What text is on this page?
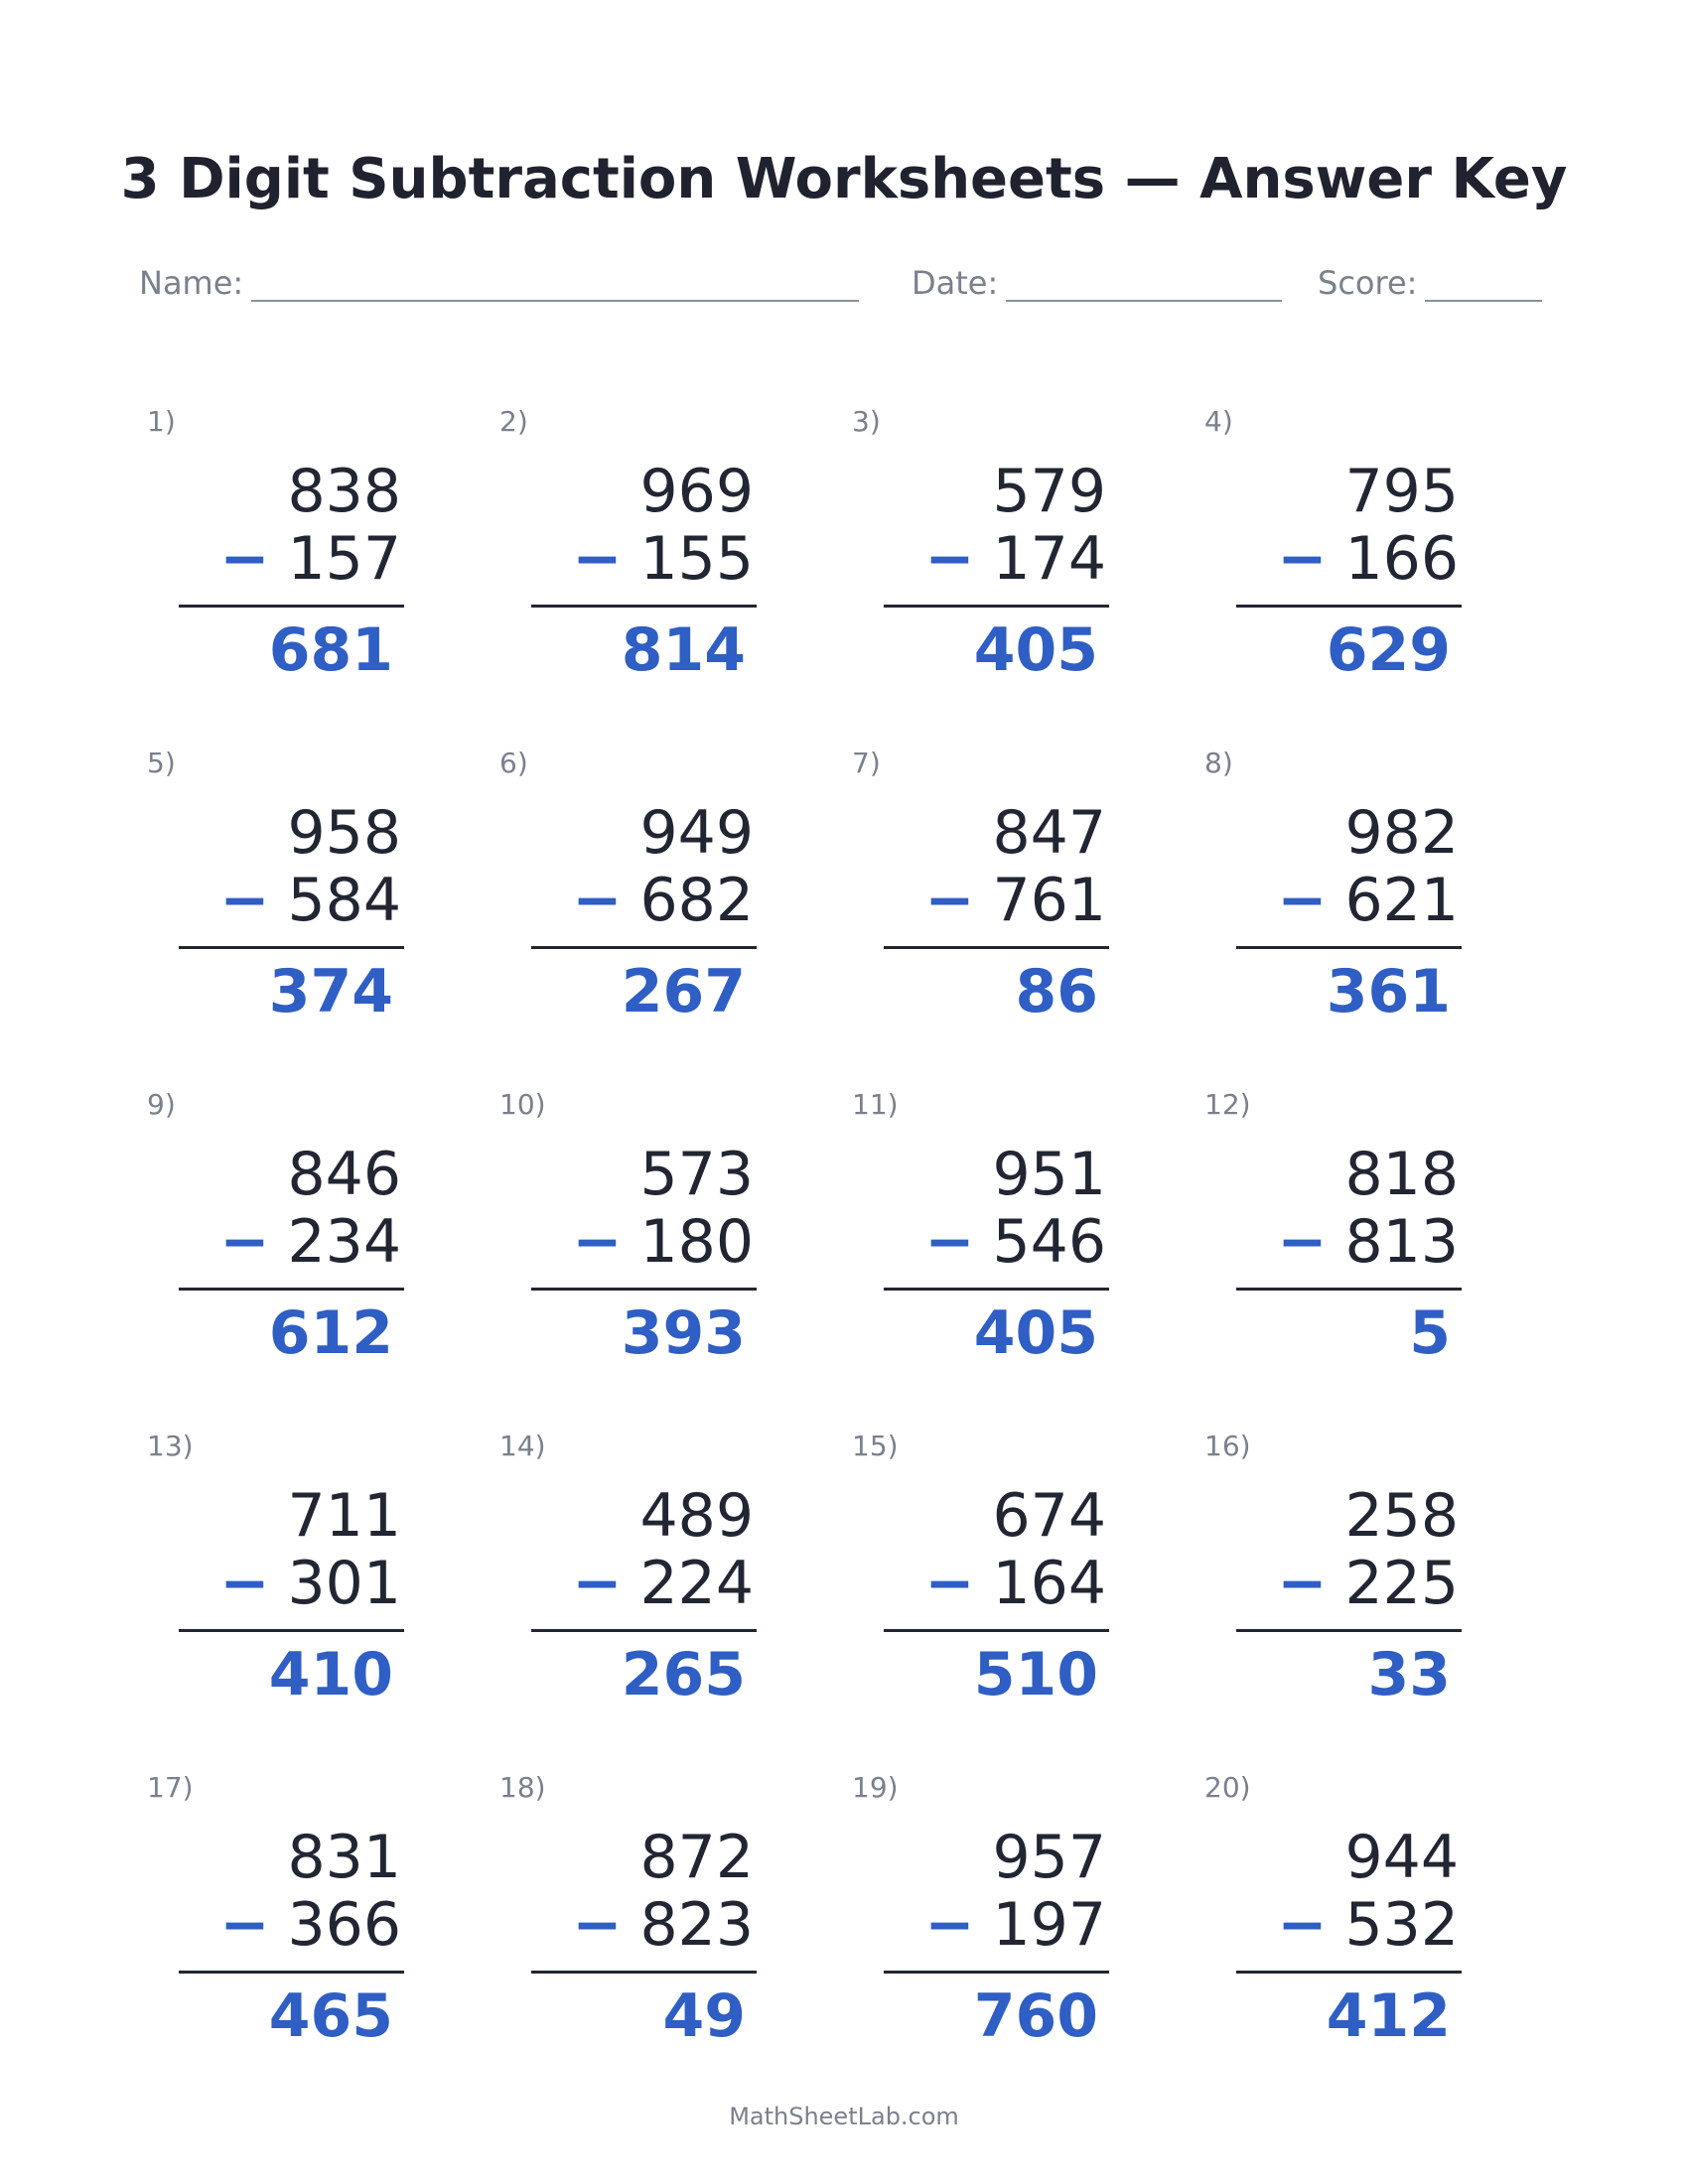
3 Digit Subtraction Worksheets — Answer Key
Name:	Date:	Score:
1)
838
− 157
681
2)
969
− 155
814
3)
579
− 174
405
4)
795
− 166
629
5)
958
− 584
374
6)
949
− 682
267
7)
847
− 761
86
8)
982
− 621
361
9)
846
− 234
612
10)
573
− 180
393
11)
951
− 546
405
12)
818
− 813
5
13)
711
− 301
410
14)
489
− 224
265
15)
674
− 164
510
16)
258
− 225
33
17)
831
− 366
465
18)
872
− 823
49
19)
957
− 197
760
20)
944
− 532
412
MathSheetLab.com
